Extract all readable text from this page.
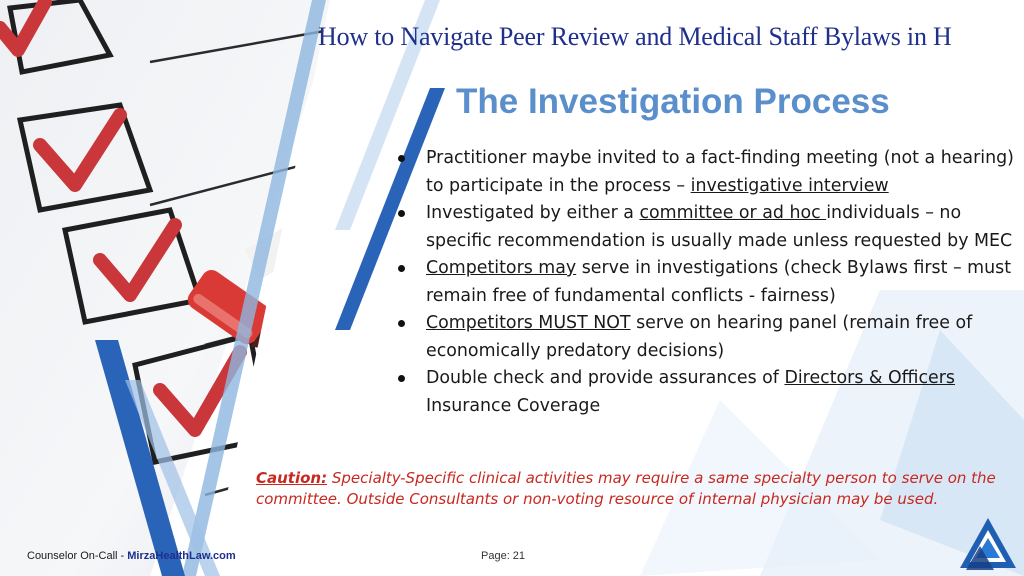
How to Navigate Peer Review and Medical Staff Bylaws in H
The Investigation Process
Practitioner maybe invited to a fact-finding meeting (not a hearing) to participate in the process – investigative interview
Investigated by either a committee or ad hoc individuals – no specific recommendation is usually made unless requested by MEC
Competitors may serve in investigations (check Bylaws first – must remain free of fundamental conflicts - fairness)
Competitors MUST NOT serve on hearing panel (remain free of economically predatory decisions)
Double check and provide assurances of Directors & Officers Insurance Coverage
Caution: Specialty-Specific clinical activities may require a same specialty person to serve on the committee. Outside Consultants or non-voting resource of internal physician may be used.
Counselor On-Call - MirzaHealthLaw.com	Page: 21
